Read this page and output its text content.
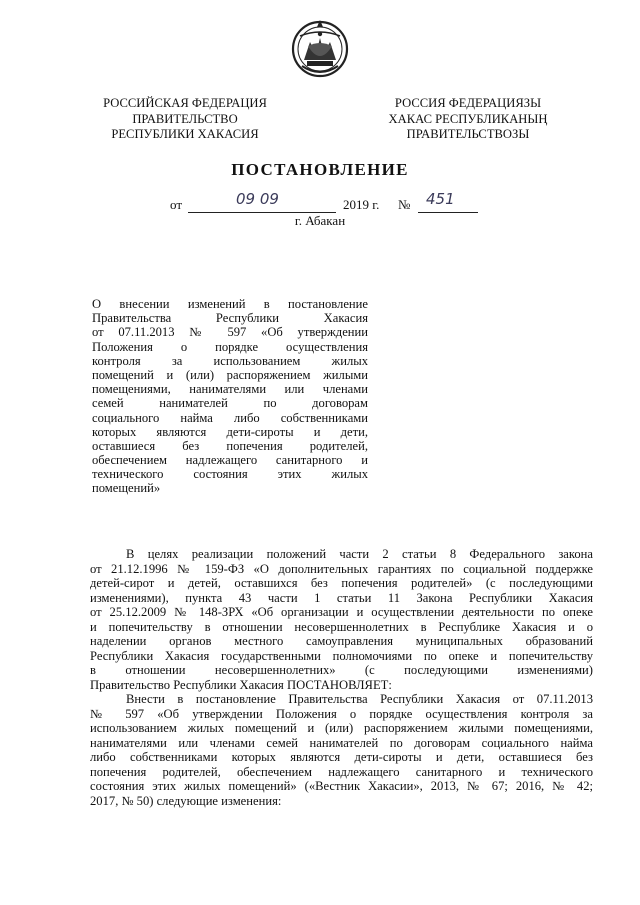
РОССИЙСКАЯ ФЕДЕРАЦИЯ
ПРАВИТЕЛЬСТВО
РЕСПУБЛИКИ ХАКАСИЯ
РОССИЯ ФЕДЕРАЦИЯЗЫ
ХАКАС РЕСПУБЛИКАНЫҢ
ПРАВИТЕЛЬСТВОЗЫ
ПОСТАНОВЛЕНИЕ
от	09 09	2019 г. № 451
г. Абакан
О внесении изменений в постановление
Правительства Республики Хакасия
от 07.11.2013 № 597 «Об утверждении
Положения о порядке осуществления
контроля за использованием жилых
помещений и (или) распоряжением жилыми
помещениями, нанимателями или членами
семей нанимателей по договорам
социального найма либо собственниками
которых являются дети-сироты и дети,
оставшиеся без попечения родителей,
обеспечением надлежащего санитарного и
технического состояния этих жилых
помещений»
В целях реализации положений части 2 статьи 8 Федерального закона
от 21.12.1996 № 159-ФЗ «О дополнительных гарантиях по социальной поддержке
детей-сирот и детей, оставшихся без попечения родителей» (с последующими
изменениями), пункта 43 части 1 статьи 11 Закона Республики Хакасия
от 25.12.2009 № 148-ЗРХ «Об организации и осуществлении деятельности по опеке
и попечительству в отношении несовершеннолетних в Республике Хакасия и о
наделении органов местного самоуправления муниципальных образований
Республики Хакасия государственными полномочиями по опеке и попечительству
в отношении несовершеннолетних» (с последующими изменениями)
Правительство Республики Хакасия ПОСТАНОВЛЯЕТ:
Внести в постановление Правительства Республики Хакасия от 07.11.2013
№ 597 «Об утверждении Положения о порядке осуществления контроля за
использованием жилых помещений и (или) распоряжением жилыми помещениями,
нанимателями или членами семей нанимателей по договорам социального найма
либо собственниками которых являются дети-сироты и дети, оставшиеся без
попечения родителей, обеспечением надлежащего санитарного и технического
состояния этих жилых помещений» («Вестник Хакасии», 2013, № 67; 2016, № 42;
2017, № 50) следующие изменения:
